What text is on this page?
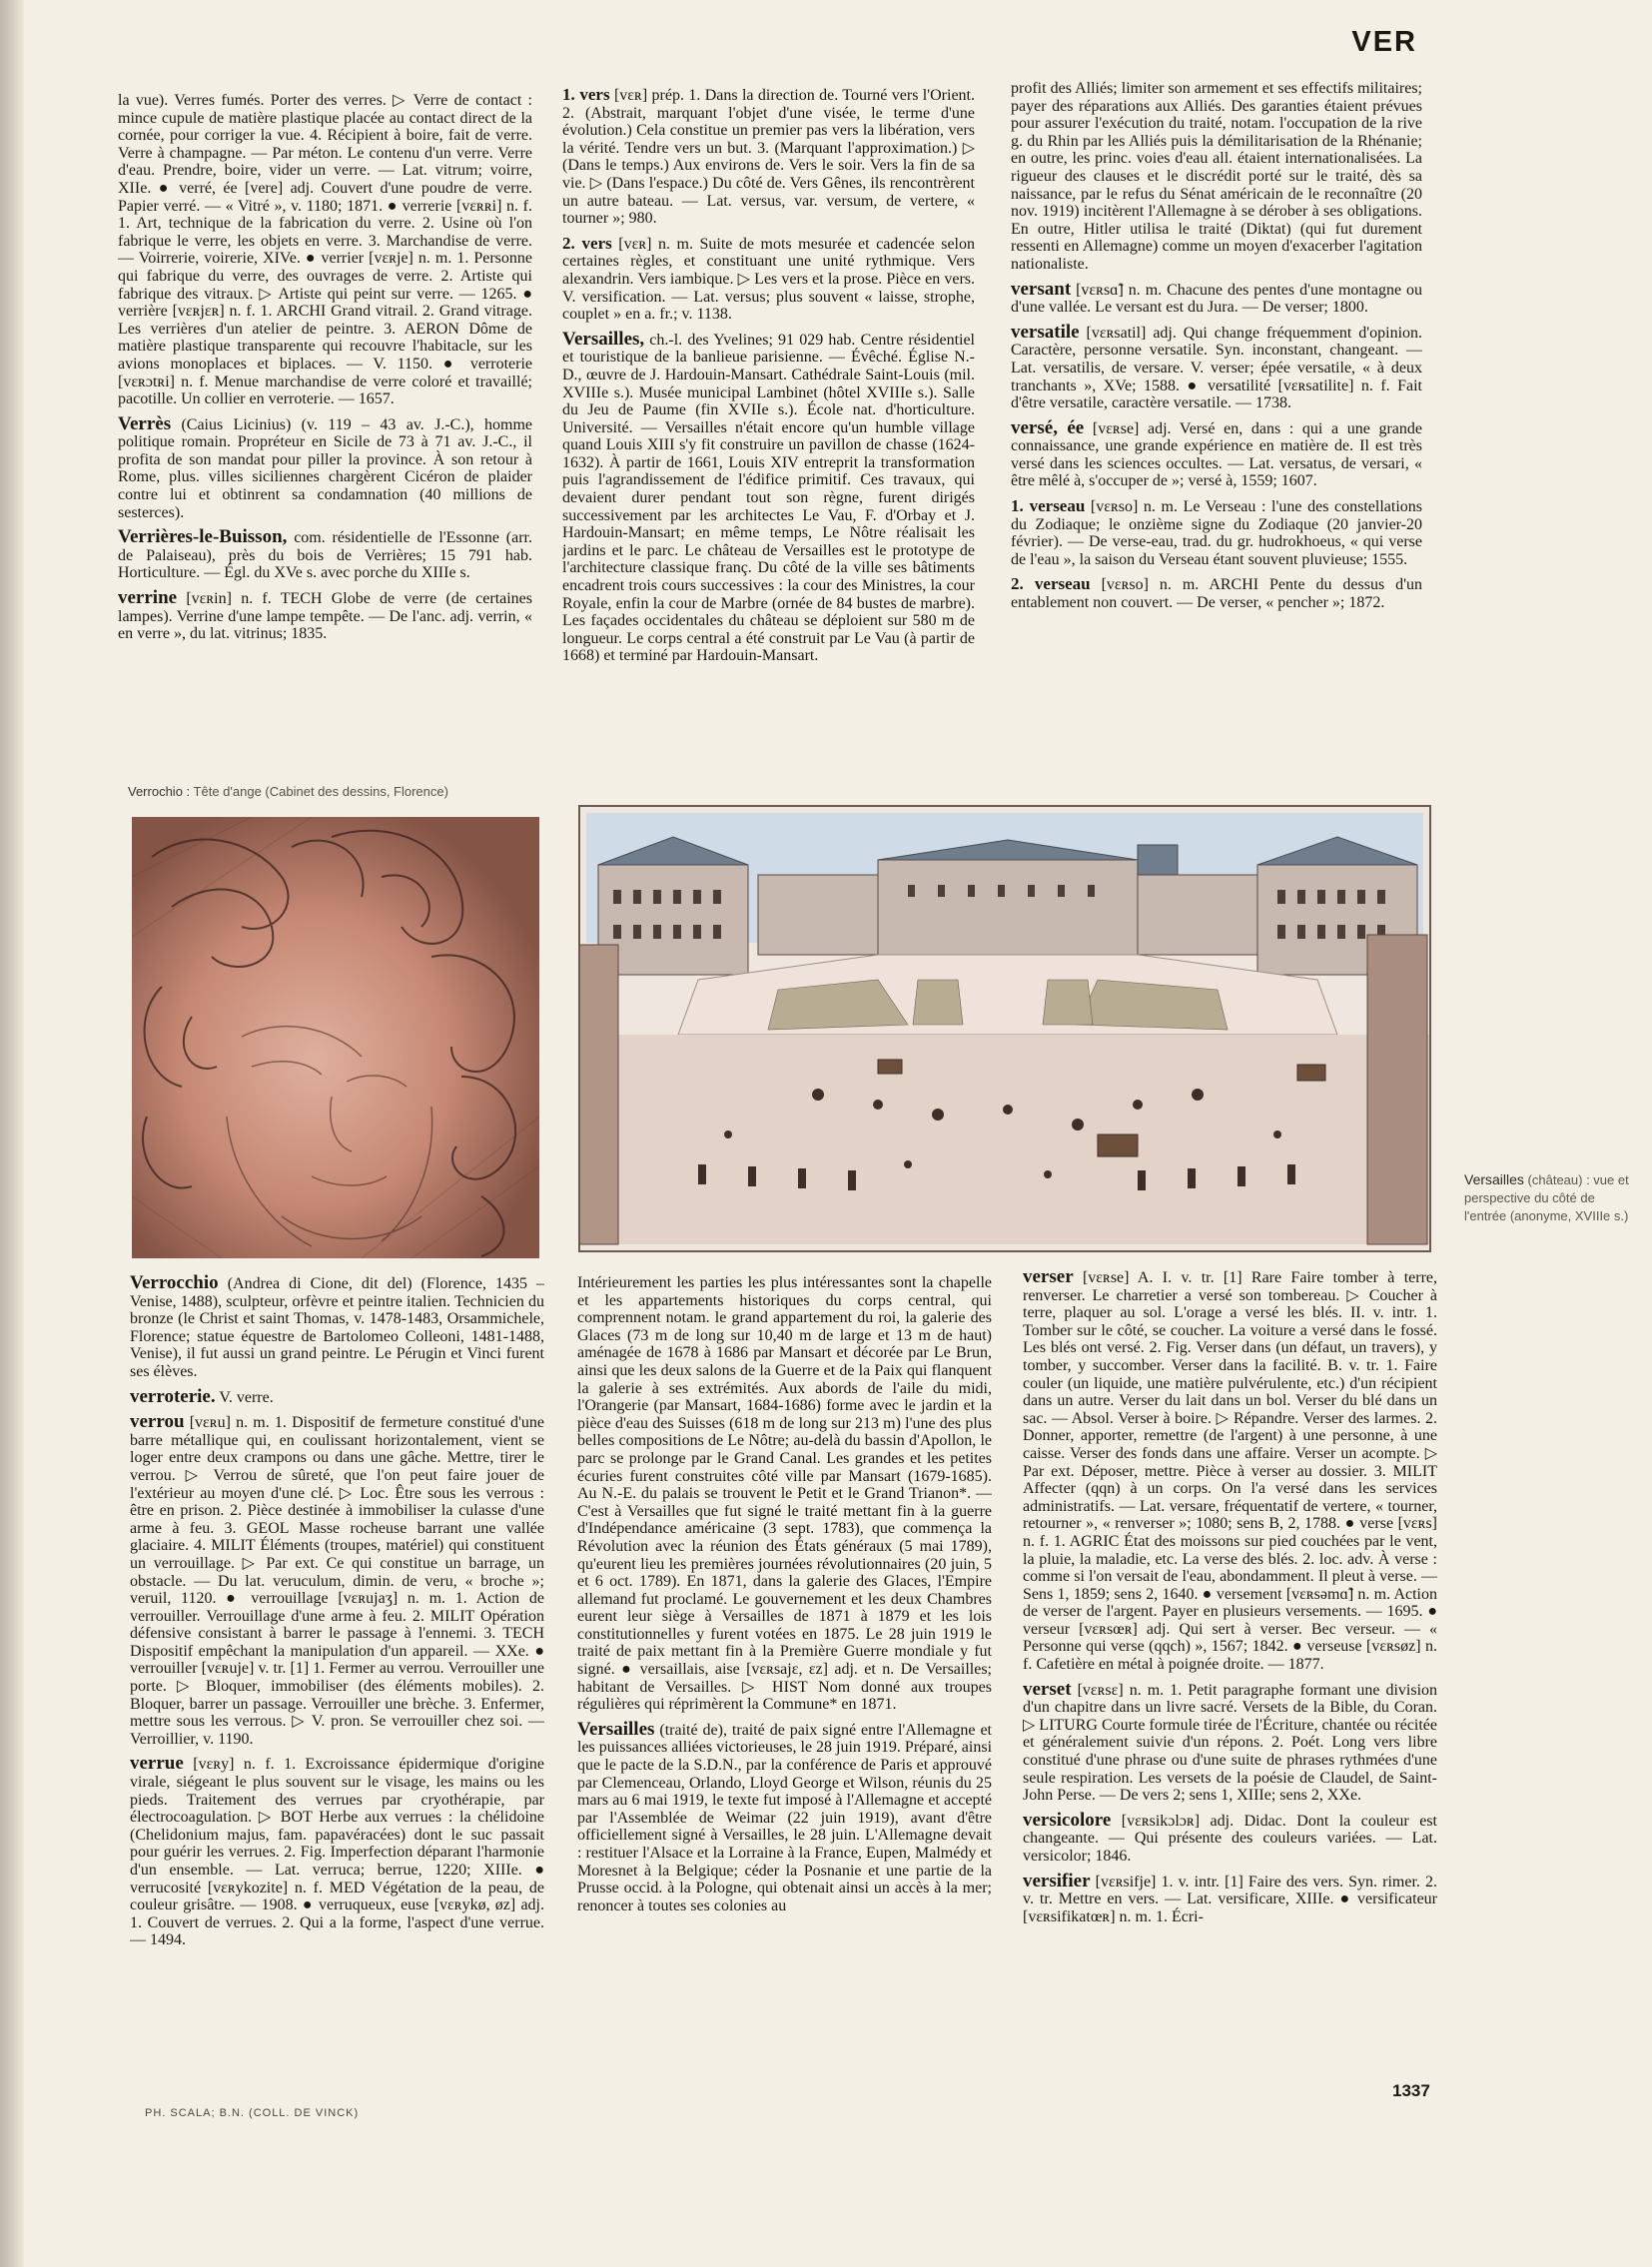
VER

la vue). Verres fumés. Porter des verres. ▷ Verre de contact : mince cupule de matière plastique placée au contact direct de la cornée, pour corriger la vue. 4. Récipient à boire, fait de verre. Verre à champagne. — Par méton. Le contenu d'un verre. Verre d'eau. Prendre, boire, vider un verre. — Lat. vitrum; voirre, XIIe. ● verré, ée [vere] adj. Couvert d'une poudre de verre. Papier verré. — « Vitré », v. 1180; 1871. ● verrerie [vɛʀʀi] n. f. 1. Art, technique de la fabrication du verre. 2. Usine où l'on fabrique le verre, les objets en verre. 3. Marchandise de verre. — Voirrerie, voirerie, XIVe. ● verrier [vɛʀje] n. m. 1. Personne qui fabrique du verre, des ouvrages de verre. 2. Artiste qui fabrique des vitraux. ▷ Artiste qui peint sur verre. — 1265. ● verrière [vɛʀjɛʀ] n. f. 1. ARCHI Grand vitrail. 2. Grand vitrage. Les verrières d'un atelier de peintre. 3. AERON Dôme de matière plastique transparente qui recouvre l'habitacle, sur les avions monoplaces et biplaces. — V. 1150. ● verroterie [vɛʀɔtʀi] n. f. Menue marchandise de verre coloré et travaillé; pacotille. Un collier en verroterie. — 1657.

Verrès (Caius Licinius) (v. 119 – 43 av. J.-C.), homme politique romain. Propréteur en Sicile de 73 à 71 av. J.-C., il profita de son mandat pour piller la province. À son retour à Rome, plus. villes siciliennes chargèrent Cicéron de plaider contre lui et obtinrent sa condamnation (40 millions de sesterces).

Verrières-le-Buisson, com. résidentielle de l'Essonne (arr. de Palaiseau), près du bois de Verrières; 15 791 hab. Horticulture. — Égl. du XVe s. avec porche du XIIIe s.

verrine [vɛʀin] n. f. TECH Globe de verre (de certaines lampes). Verrine d'une lampe tempête. — De l'anc. adj. verrin, « en verre », du lat. vitrinus; 1835.

Verrochio : Tête d'ange (Cabinet des dessins, Florence)

1. vers [vɛʀ] prép. 1. Dans la direction de. Tourné vers l'Orient. 2. (Abstrait, marquant l'objet d'une visée, le terme d'une évolution.) Cela constitue un premier pas vers la libération, vers la vérité. Tendre vers un but. 3. (Marquant l'approximation.) ▷ (Dans le temps.) Aux environs de. Vers le soir. Vers la fin de sa vie. ▷ (Dans l'espace.) Du côté de. Vers Gênes, ils rencontrèrent un autre bateau. — Lat. versus, var. versum, de vertere, « tourner »; 980.

2. vers [vɛʀ] n. m. Suite de mots mesurée et cadencée selon certaines règles, et constituant une unité rythmique. Vers alexandrin. Vers iambique. ▷ Les vers et la prose. Pièce en vers. V. versification. — Lat. versus; plus souvent « laisse, strophe, couplet » en a. fr.; v. 1138.

Versailles, ch.-l. des Yvelines; 91 029 hab. Centre résidentiel et touristique de la banlieue parisienne. — Évêché. Église N.-D., œuvre de J. Hardouin-Mansart. Cathédrale Saint-Louis (mil. XVIIIe s.). Musée municipal Lambinet (hôtel XVIIIe s.). Salle du Jeu de Paume (fin XVIIe s.). École nat. d'horticulture. Université. — Versailles n'était encore qu'un humble village quand Louis XIII s'y fit construire un pavillon de chasse (1624-1632). À partir de 1661, Louis XIV entreprit la transformation puis l'agrandissement de l'édifice primitif. Ces travaux, qui devaient durer pendant tout son règne, furent dirigés successivement par les architectes Le Vau, F. d'Orbay et J. Hardouin-Mansart; en même temps, Le Nôtre réalisait les jardins et le parc. Le château de Versailles est le prototype de l'architecture classique franç. Du côté de la ville ses bâtiments encadrent trois cours successives : la cour des Ministres, la cour Royale, enfin la cour de Marbre (ornée de 84 bustes de marbre). Les façades occidentales du château se déploient sur 580 m de longueur. Le corps central a été construit par Le Vau (à partir de 1668) et terminé par Hardouin-Mansart.

profit des Alliés; limiter son armement et ses effectifs militaires; payer des réparations aux Alliés. Des garanties étaient prévues pour assurer l'exécution du traité, notam. l'occupation de la rive g. du Rhin par les Alliés puis la démilitarisation de la Rhénanie; en outre, les princ. voies d'eau all. étaient internationalisées. La rigueur des clauses et le discrédit porté sur le traité, dès sa naissance, par le refus du Sénat américain de le reconnaître (20 nov. 1919) incitèrent l'Allemagne à se dérober à ses obligations. En outre, Hitler utilisa le traité (Diktat) (qui fut durement ressenti en Allemagne) comme un moyen d'exacerber l'agitation nationaliste.

versant [vɛʀsɑ̃] n. m. Chacune des pentes d'une montagne ou d'une vallée. Le versant est du Jura. — De verser; 1800.

versatile [vɛʀsatil] adj. Qui change fréquemment d'opinion. Caractère, personne versatile. Syn. inconstant, changeant. — Lat. versatilis, de versare. V. verser; épée versatile, « à deux tranchants », XVe; 1588. ● versatilité [vɛʀsatilite] n. f. Fait d'être versatile, caractère versatile. — 1738.

versé, ée [vɛʀse] adj. Versé en, dans : qui a une grande connaissance, une grande expérience en matière de. Il est très versé dans les sciences occultes. — Lat. versatus, de versari, « être mêlé à, s'occuper de »; versé à, 1559; 1607.

1. verseau [vɛʀso] n. m. Le Verseau : l'une des constellations du Zodiaque; le onzième signe du Zodiaque (20 janvier-20 février). — De verse-eau, trad. du gr. hudrokhoeus, « qui verse de l'eau », la saison du Verseau étant souvent pluvieuse; 1555.

2. verseau [vɛʀso] n. m. ARCHI Pente du dessus d'un entablement non couvert. — De verser, « pencher »; 1872.

Versailles (château) : vue et perspective du côté de l'entrée (anonyme, XVIIIe s.)

Verrocchio (Andrea di Cione, dit del) (Florence, 1435 – Venise, 1488), sculpteur, orfèvre et peintre italien. Technicien du bronze (le Christ et saint Thomas, v. 1478-1483, Orsammichele, Florence; statue équestre de Bartolomeo Colleoni, 1481-1488, Venise), il fut aussi un grand peintre. Le Pérugin et Vinci furent ses élèves.

verroterie. V. verre.

verrou [vɛʀu] n. m. 1. Dispositif de fermeture constitué d'une barre métallique qui, en coulissant horizontalement, vient se loger entre deux crampons ou dans une gâche. Mettre, tirer le verrou. ▷ Verrou de sûreté, que l'on peut faire jouer de l'extérieur au moyen d'une clé. ▷ Loc. Être sous les verrous : être en prison. 2. Pièce destinée à immobiliser la culasse d'une arme à feu. 3. GEOL Masse rocheuse barrant une vallée glaciaire. 4. MILIT Éléments (troupes, matériel) qui constituent un verrouillage. ▷ Par ext. Ce qui constitue un barrage, un obstacle. — Du lat. veruculum, dimin. de veru, « broche »; veruil, 1120. ● verrouillage [vɛʀujaʒ] n. m. 1. Action de verrouiller. Verrouillage d'une arme à feu. 2. MILIT Opération défensive consistant à barrer le passage à l'ennemi. 3. TECH Dispositif empêchant la manipulation d'un appareil. — XXe. ● verrouiller [vɛʀuje] v. tr. [1] 1. Fermer au verrou. Verrouiller une porte. ▷ Bloquer, immobiliser (des éléments mobiles). 2. Bloquer, barrer un passage. Verrouiller une brèche. 3. Enfermer, mettre sous les verrous. ▷ V. pron. Se verrouiller chez soi. — Verroillier, v. 1190.

verrue [vɛʀy] n. f. 1. Excroissance épidermique d'origine virale, siégeant le plus souvent sur le visage, les mains ou les pieds. Traitement des verrues par cryothérapie, par électrocoagulation. ▷ BOT Herbe aux verrues : la chélidoine (Chelidonium majus, fam. papavéracées) dont le suc passait pour guérir les verrues. 2. Fig. Imperfection déparant l'harmonie d'un ensemble. — Lat. verruca; berrue, 1220; XIIIe. ● verrucosité [vɛʀykozite] n. f. MED Végétation de la peau, de couleur grisâtre. — 1908. ● verruqueux, euse [vɛʀykø, øz] adj. 1. Couvert de verrues. 2. Qui a la forme, l'aspect d'une verrue. — 1494.

Intérieurement les parties les plus intéressantes sont la chapelle et les appartements historiques du corps central, qui comprennent notam. le grand appartement du roi, la galerie des Glaces (73 m de long sur 10,40 m de large et 13 m de haut) aménagée de 1678 à 1686 par Mansart et décorée par Le Brun, ainsi que les deux salons de la Guerre et de la Paix qui flanquent la galerie à ses extrémités. Aux abords de l'aile du midi, l'Orangerie (par Mansart, 1684-1686) forme avec le jardin et la pièce d'eau des Suisses (618 m de long sur 213 m) l'une des plus belles compositions de Le Nôtre; au-delà du bassin d'Apollon, le parc se prolonge par le Grand Canal. Les grandes et les petites écuries furent construites côté ville par Mansart (1679-1685). Au N.-E. du palais se trouvent le Petit et le Grand Trianon*. — C'est à Versailles que fut signé le traité mettant fin à la guerre d'Indépendance américaine (3 sept. 1783), que commença la Révolution avec la réunion des États généraux (5 mai 1789), qu'eurent lieu les premières journées révolutionnaires (20 juin, 5 et 6 oct. 1789). En 1871, dans la galerie des Glaces, l'Empire allemand fut proclamé. Le gouvernement et les deux Chambres eurent leur siège à Versailles de 1871 à 1879 et les lois constitutionnelles y furent votées en 1875. Le 28 juin 1919 le traité de paix mettant fin à la Première Guerre mondiale y fut signé. ● versaillais, aise [vɛʀsajɛ, ɛz] adj. et n. De Versailles; habitant de Versailles. ▷ HIST Nom donné aux troupes régulières qui réprimèrent la Commune* en 1871.

Versailles (traité de), traité de paix signé entre l'Allemagne et les puissances alliées victorieuses, le 28 juin 1919. Préparé, ainsi que le pacte de la S.D.N., par la conférence de Paris et approuvé par Clemenceau, Orlando, Lloyd George et Wilson, réunis du 25 mars au 6 mai 1919, le texte fut imposé à l'Allemagne et accepté par l'Assemblée de Weimar (22 juin 1919), avant d'être officiellement signé à Versailles, le 28 juin. L'Allemagne devait : restituer l'Alsace et la Lorraine à la France, Eupen, Malmédy et Moresnet à la Belgique; céder la Posnanie et une partie de la Prusse occid. à la Pologne, qui obtenait ainsi un accès à la mer; renoncer à toutes ses colonies au

verser [vɛʀse] A. I. v. tr. [1] Rare Faire tomber à terre, renverser. Le charretier a versé son tombereau. ▷ Coucher à terre, plaquer au sol. L'orage a versé les blés. II. v. intr. 1. Tomber sur le côté, se coucher. La voiture a versé dans le fossé. Les blés ont versé. 2. Fig. Verser dans (un défaut, un travers), y tomber, y succomber. Verser dans la facilité. B. v. tr. 1. Faire couler (un liquide, une matière pulvérulente, etc.) d'un récipient dans un autre. Verser du lait dans un bol. Verser du blé dans un sac. — Absol. Verser à boire. ▷ Répandre. Verser des larmes. 2. Donner, apporter, remettre (de l'argent) à une personne, à une caisse. Verser des fonds dans une affaire. Verser un acompte. ▷ Par ext. Déposer, mettre. Pièce à verser au dossier. 3. MILIT Affecter (qqn) à un corps. On l'a versé dans les services administratifs. — Lat. versare, fréquentatif de vertere, « tourner, retourner », « renverser »; 1080; sens B, 2, 1788. ● verse [vɛʀs] n. f. 1. AGRIC État des moissons sur pied couchées par le vent, la pluie, la maladie, etc. La verse des blés. 2. loc. adv. À verse : comme si l'on versait de l'eau, abondamment. Il pleut à verse. — Sens 1, 1859; sens 2, 1640. ● versement [vɛʀsəmɑ̃] n. m. Action de verser de l'argent. Payer en plusieurs versements. — 1695. ● verseur [vɛʀsœʀ] adj. Qui sert à verser. Bec verseur. — « Personne qui verse (qqch) », 1567; 1842. ● verseuse [vɛʀsøz] n. f. Cafetière en métal à poignée droite. — 1877.

verset [vɛʀsɛ] n. m. 1. Petit paragraphe formant une division d'un chapitre dans un livre sacré. Versets de la Bible, du Coran. ▷ LITURG Courte formule tirée de l'Écriture, chantée ou récitée et généralement suivie d'un répons. 2. Poét. Long vers libre constitué d'une phrase ou d'une suite de phrases rythmées d'une seule respiration. Les versets de la poésie de Claudel, de Saint-John Perse. — De vers 2; sens 1, XIIIe; sens 2, XXe.

versicolore [vɛʀsikɔlɔʀ] adj. Didac. Dont la couleur est changeante. — Qui présente des couleurs variées. — Lat. versicolor; 1846.

versifier [vɛʀsifje] 1. v. intr. [1] Faire des vers. Syn. rimer. 2. v. tr. Mettre en vers. — Lat. versificare, XIIIe. ● versificateur [vɛʀsifikatœʀ] n. m. 1. Écri-

PH. SCALA; B.N. (COLL. DE VINCK)
1337
